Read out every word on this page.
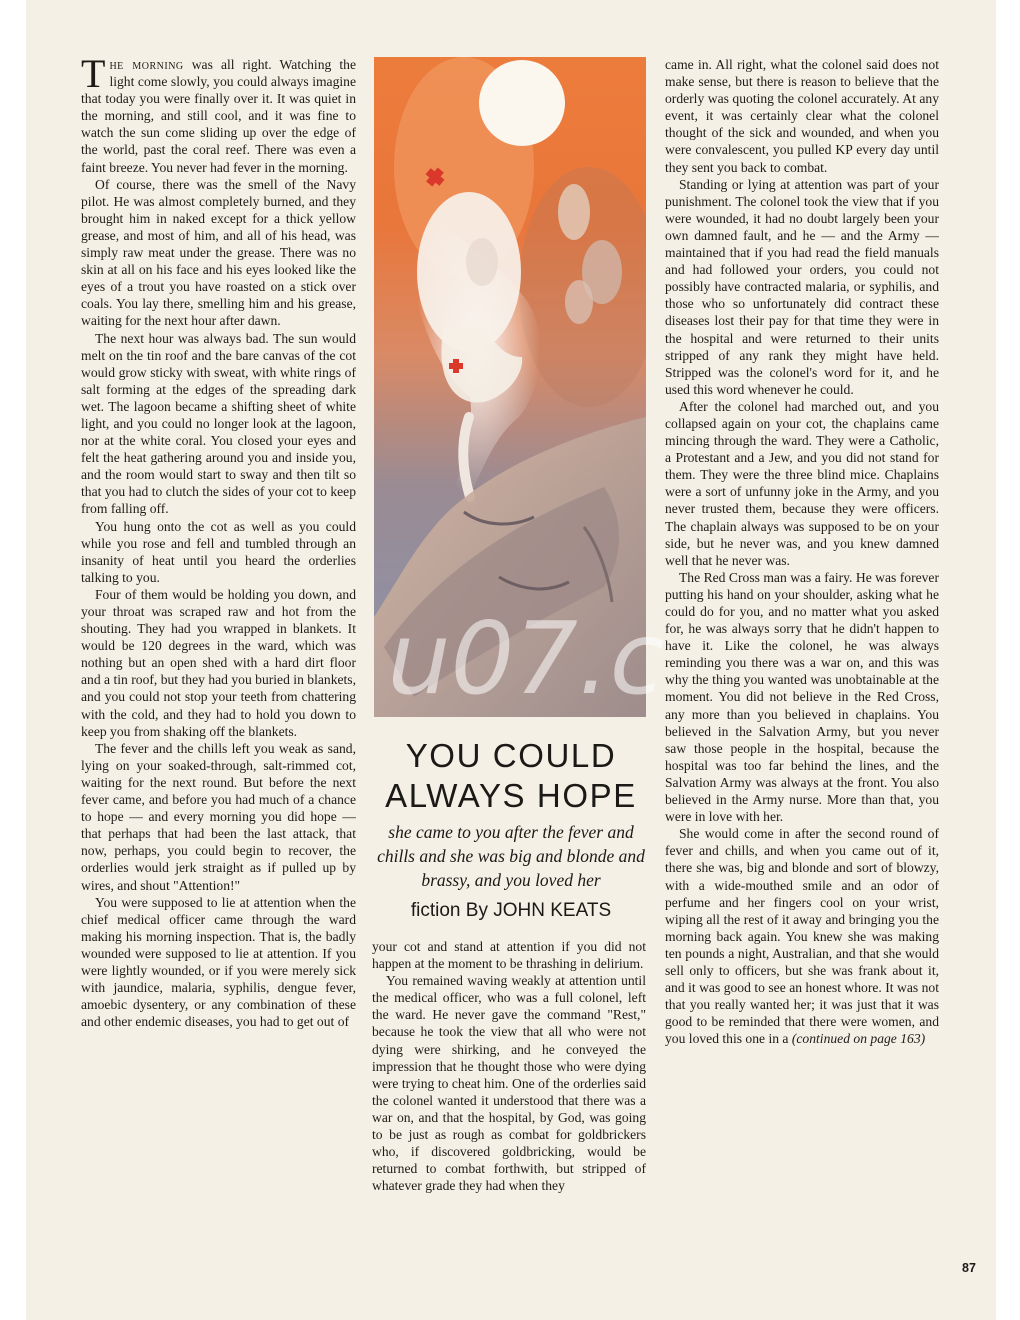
The morning was all right. Watching the light come slowly, you could always imagine that today you were finally over it. It was quiet in the morning, and still cool, and it was fine to watch the sun come sliding up over the edge of the world, past the coral reef. There was even a faint breeze. You never had fever in the morning.

Of course, there was the smell of the Navy pilot. He was almost completely burned, and they brought him in naked except for a thick yellow grease, and most of him, and all of his head, was simply raw meat under the grease. There was no skin at all on his face and his eyes looked like the eyes of a trout you have roasted on a stick over coals. You lay there, smelling him and his grease, waiting for the next hour after dawn.

The next hour was always bad. The sun would melt on the tin roof and the bare canvas of the cot would grow sticky with sweat, with white rings of salt forming at the edges of the spreading dark wet. The lagoon became a shifting sheet of white light, and you could no longer look at the lagoon, nor at the white coral. You closed your eyes and felt the heat gathering around you and inside you, and the room would start to sway and then tilt so that you had to clutch the sides of your cot to keep from falling off.

You hung onto the cot as well as you could while you rose and fell and tumbled through an insanity of heat until you heard the orderlies talking to you.

Four of them would be holding you down, and your throat was scraped raw and hot from the shouting. They had you wrapped in blankets. It would be 120 degrees in the ward, which was nothing but an open shed with a hard dirt floor and a tin roof, but they had you buried in blankets, and you could not stop your teeth from chattering with the cold, and they had to hold you down to keep you from shaking off the blankets.

The fever and the chills left you weak as sand, lying on your soaked-through, salt-rimmed cot, waiting for the next round. But before the next fever came, and before you had much of a chance to hope — and every morning you did hope — that perhaps that had been the last attack, that now, perhaps, you could begin to recover, the orderlies would jerk straight as if pulled up by wires, and shout "Attention!"

You were supposed to lie at attention when the chief medical officer came through the ward making his morning inspection. That is, the badly wounded were supposed to lie at attention. If you were lightly wounded, or if you were merely sick with jaundice, malaria, syphilis, dengue fever, amoebic dysentery, or any combination of these and other endemic diseases, you had to get out of

YOU COULD ALWAYS HOPE

she came to you after the fever and chills and she was big and blonde and brassy, and you loved her

fiction By JOHN KEATS

your cot and stand at attention if you did not happen at the moment to be thrashing in delirium.

You remained waving weakly at attention until the medical officer, who was a full colonel, left the ward. He never gave the command "Rest," because he took the view that all who were not dying were shirking, and he conveyed the impression that he thought those who were dying were trying to cheat him. One of the orderlies said the colonel wanted it understood that there was a war on, and that the hospital, by God, was going to be just as rough as combat for goldbrickers who, if discovered goldbricking, would be returned to combat forthwith, but stripped of whatever grade they had when they

came in. All right, what the colonel said does not make sense, but there is reason to believe that the orderly was quoting the colonel accurately. At any event, it was certainly clear what the colonel thought of the sick and wounded, and when you were convalescent, you pulled KP every day until they sent you back to combat.

Standing or lying at attention was part of your punishment. The colonel took the view that if you were wounded, it had no doubt largely been your own damned fault, and he — and the Army — maintained that if you had read the field manuals and had followed your orders, you could not possibly have contracted malaria, or syphilis, and those who so unfortunately did contract these diseases lost their pay for that time they were in the hospital and were returned to their units stripped of any rank they might have held. Stripped was the colonel's word for it, and he used this word whenever he could.

After the colonel had marched out, and you collapsed again on your cot, the chaplains came mincing through the ward. They were a Catholic, a Protestant and a Jew, and you did not stand for them. They were the three blind mice. Chaplains were a sort of unfunny joke in the Army, and you never trusted them, because they were officers. The chaplain always was supposed to be on your side, but he never was, and you knew damned well that he never was.

The Red Cross man was a fairy. He was forever putting his hand on your shoulder, asking what he could do for you, and no matter what you asked for, he was always sorry that he didn't happen to have it. Like the colonel, he was always reminding you there was a war on, and this was why the thing you wanted was unobtainable at the moment. You did not believe in the Red Cross, any more than you believed in chaplains. You believed in the Salvation Army, but you never saw those people in the hospital, because the hospital was too far behind the lines, and the Salvation Army was always at the front. You also believed in the Army nurse. More than that, you were in love with her.

She would come in after the second round of fever and chills, and when you came out of it, there she was, big and blonde and sort of blowzy, with a wide-mouthed smile and an odor of perfume and her fingers cool on your wrist, wiping all the rest of it away and bringing you the morning back again. You knew she was making ten pounds a night, Australian, and that she would sell only to officers, but she was frank about it, and it was good to see an honest whore. It was not that you really wanted her; it was just that it was good to be reminded that there were women, and you loved this one in a (continued on page 163)

87
u07.c
